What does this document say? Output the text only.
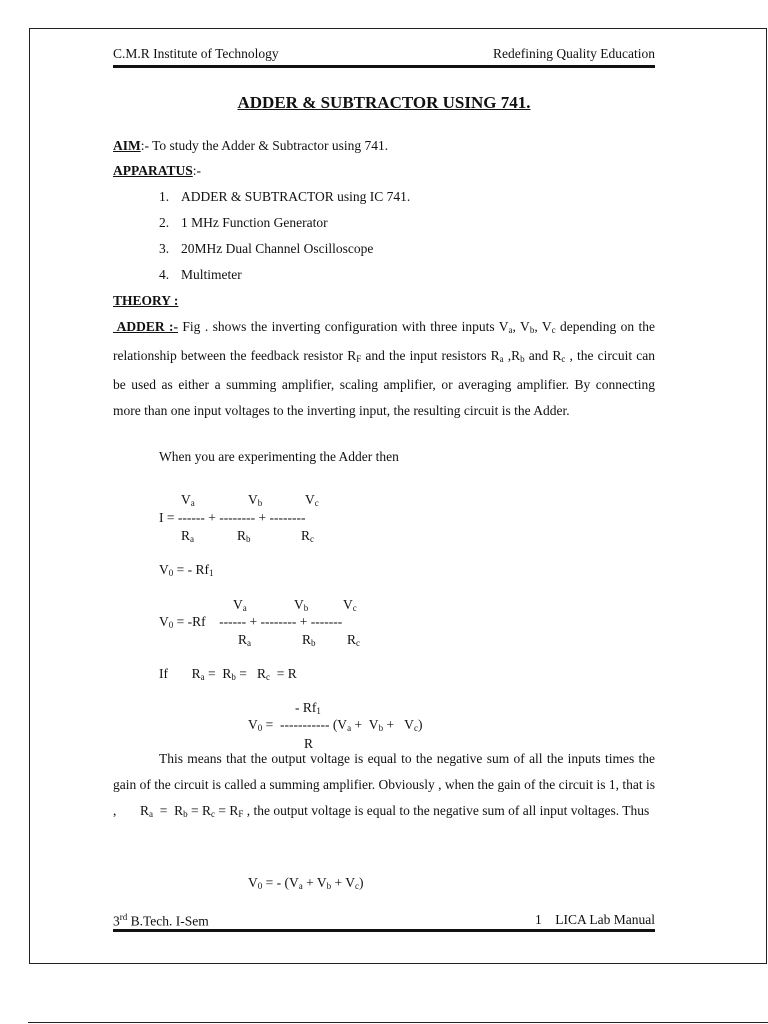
C.M.R Institute of Technology	Redefining Quality Education
ADDER & SUBTRACTOR USING 741.
AIM:- To study the Adder & Subtractor using 741.
APPARATUS:-
1. ADDER & SUBTRACTOR using IC 741.
2. 1 MHz Function Generator
3. 20MHz Dual Channel Oscilloscope
4. Multimeter
THEORY :
ADDER :- Fig . shows the inverting configuration with three inputs $V_a$, $V_b$, $V_c$ depending on the relationship between the feedback resistor $R_F$ and the input resistors $R_a$ $,R_b$ and $R_c$ , the circuit can be used as either a summing amplifier, scaling amplifier, or averaging amplifier. By connecting more than one input voltages to the inverting input, the resulting circuit is the Adder.
When you are experimenting the Adder then
$V_a$	$V_b$	$V_c$
I = ------ + -------- + --------
$R_a$	$R_b$	$R_c$
$V_0$ = - $Rf_1$
$V_a$	$V_b$	$V_c$
$V_0 = -Rf$    ------ + -------- + -------
$R_a$	$R_b$ $R_c$
If       $R_a = R_b = R_c = R$
- $Rf_1$
$V_0$ =  ----------- $(V_a + V_b + V_c)$
R
This means that the output voltage is equal to the negative sum of all the inputs times the gain of the circuit is called a summing amplifier. Obviously , when the gain of the circuit is 1, that is ,       $R_a = R_b = R_c = R_F$ , the output voltage is equal to the negative sum of all input voltages. Thus
$V_0$ = - $(V_a + V_b + V_c)$
3rd B.Tech. I-Sem	1 LICA Lab Manual
